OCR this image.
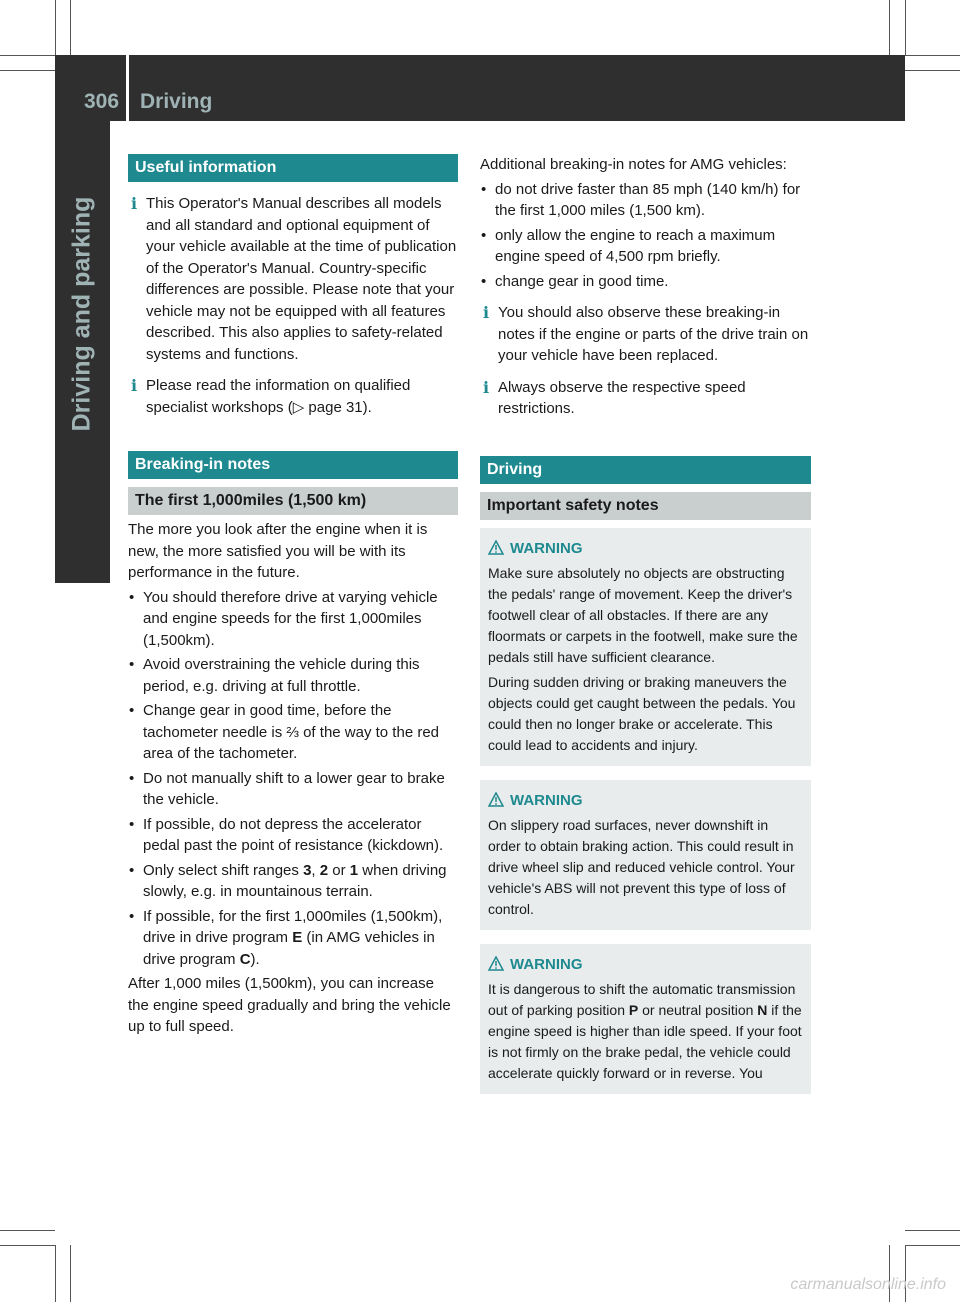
306 Driving
Driving and parking
Useful information
i This Operator's Manual describes all models and all standard and optional equipment of your vehicle available at the time of publication of the Operator's Manual. Country-specific differences are possible. Please note that your vehicle may not be equipped with all features described. This also applies to safety-related systems and functions.
i Please read the information on qualified specialist workshops (▷ page 31).
Breaking-in notes
The first 1,000miles (1,500 km)
The more you look after the engine when it is new, the more satisfied you will be with its performance in the future.
• You should therefore drive at varying vehicle and engine speeds for the first 1,000miles (1,500km).
• Avoid overstraining the vehicle during this period, e.g. driving at full throttle.
• Change gear in good time, before the tachometer needle is ⅔ of the way to the red area of the tachometer.
• Do not manually shift to a lower gear to brake the vehicle.
• If possible, do not depress the accelerator pedal past the point of resistance (kickdown).
• Only select shift ranges 3, 2 or 1 when driving slowly, e.g. in mountainous terrain.
• If possible, for the first 1,000miles (1,500km), drive in drive program E (in AMG vehicles in drive program C).
After 1,000 miles (1,500km), you can increase the engine speed gradually and bring the vehicle up to full speed.
Additional breaking-in notes for AMG vehicles:
• do not drive faster than 85 mph (140 km/h) for the first 1,000 miles (1,500 km).
• only allow the engine to reach a maximum engine speed of 4,500 rpm briefly.
• change gear in good time.
i You should also observe these breaking-in notes if the engine or parts of the drive train on your vehicle have been replaced.
i Always observe the respective speed restrictions.
Driving
Important safety notes
WARNING
Make sure absolutely no objects are obstructing the pedals' range of movement. Keep the driver's footwell clear of all obstacles. If there are any floormats or carpets in the footwell, make sure the pedals still have sufficient clearance.
During sudden driving or braking maneuvers the objects could get caught between the pedals. You could then no longer brake or accelerate. This could lead to accidents and injury.
WARNING
On slippery road surfaces, never downshift in order to obtain braking action. This could result in drive wheel slip and reduced vehicle control. Your vehicle's ABS will not prevent this type of loss of control.
WARNING
It is dangerous to shift the automatic transmission out of parking position P or neutral position N if the engine speed is higher than idle speed. If your foot is not firmly on the brake pedal, the vehicle could accelerate quickly forward or in reverse. You
carmanualsonline.info
